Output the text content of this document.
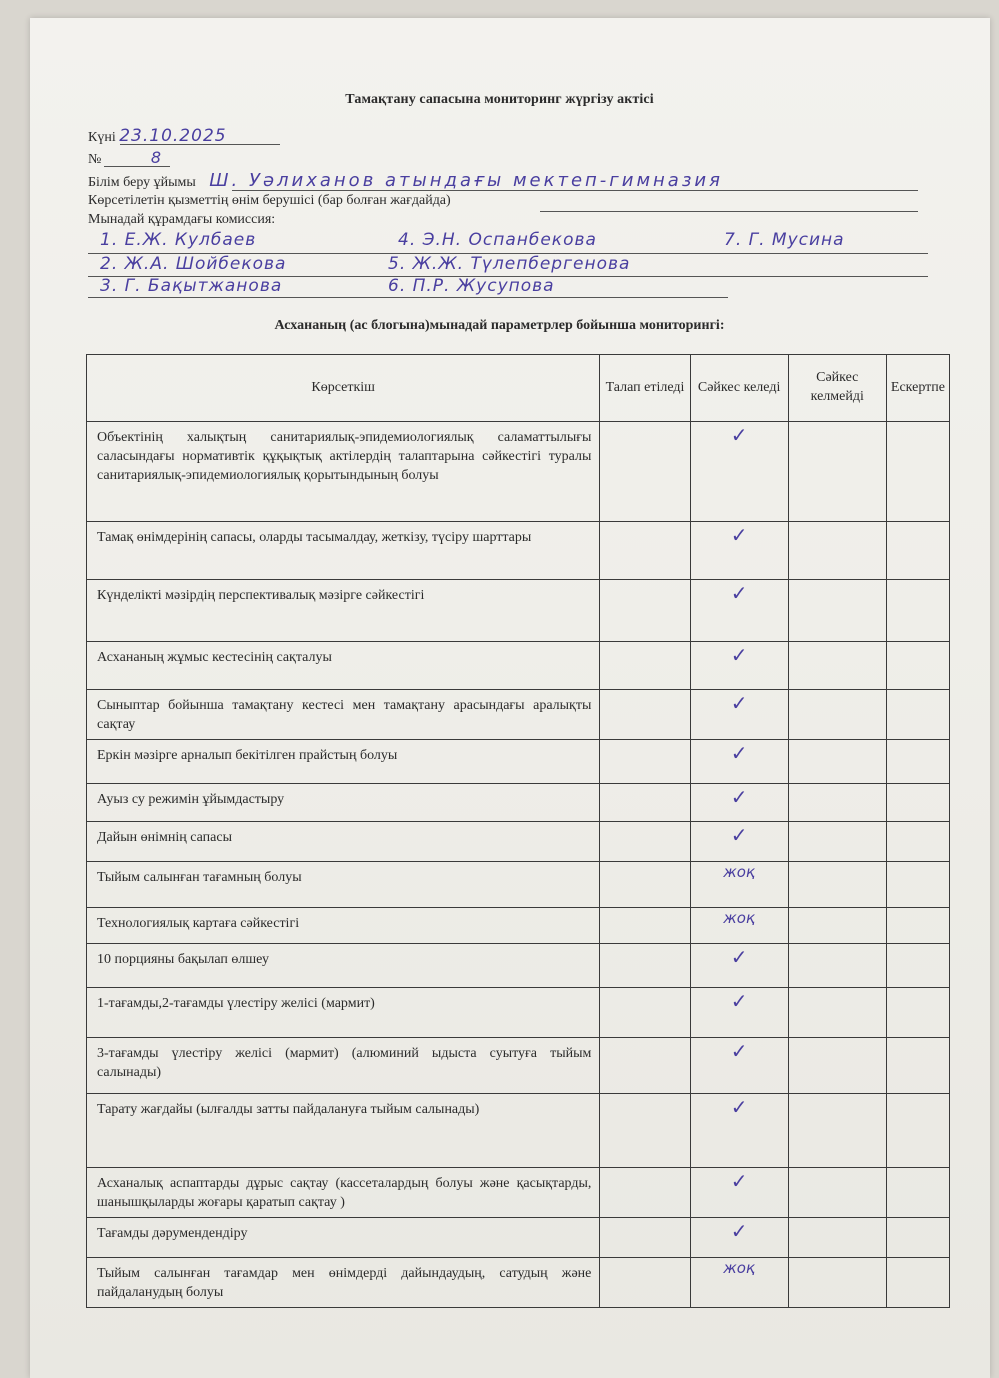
Тамақтану сапасына мониторинг жүргізу актісі
Күні 23.10.2025
№	8
Білім беру ұйымы Ш. Уәлиханов атындағы мектеп-гимназия
Көрсетілетін қызметтің өнім берушісі (бар болған жағдайда)
Мынадай құрамдағы комиссия:
1. Е.Ж. Кулбаев	4. Э.Н. Оспанбекова	7. Г. Мусина
2. Ж.А. Шойбекова	5. Ж.Ж. Түлепбергенова
3. Г. Бақытжанова	6. П.Р. Жусупова
Асхананың (ас блогына)мынадай параметрлер бойынша мониторингі:
Көрсеткіш	Талап етіледі	Сәйкес келеді	Сәйкес келмейді	Ескертпе
Объектінің халықтың санитариялық-эпидемиологиялық саламаттылығы саласындағы нормативтік құқықтық актілердің талаптарына сәйкестігі туралы санитариялық-эпидемиологиялық қорытындының болуы		✓		
Тамақ өнімдерінің сапасы, оларды тасымалдау, жеткізу, түсіру шарттары		✓		
Күнделікті мәзірдің перспективалық мәзірге сәйкестігі		✓		
Асхананың жұмыс кестесінің сақталуы		✓		
Сыныптар бойынша тамақтану кестесі мен тамақтану арасындағы аралықты сақтау		✓		
Еркін мәзірге арналып бекітілген прайстың болуы		✓		
Ауыз су режимін ұйымдастыру		✓		
Дайын өнімнің сапасы		✓		
Тыйым салынған тағамның болуы		жоқ		
Технологиялық картаға сәйкестігі		жоқ		
10 порцияны бақылап өлшеу		✓		
1-тағамды,2-тағамды үлестіру желісі (мармит)		✓		
3-тағамды үлестіру желісі (мармит) (алюминий ыдыста суытуға тыйым салынады)		✓		
Тарату жағдайы (ылғалды затты пайдалануға тыйым салынады)		✓		
Асханалық аспаптарды дұрыс сақтау (кассеталардың болуы және қасықтарды, шанышқыларды жоғары қаратып сақтау )		✓		
Тағамды дәрумендендіру		✓		
Тыйым салынған тағамдар мен өнімдерді дайындаудың, сатудың және пайдаланудың болуы		жоқ		
